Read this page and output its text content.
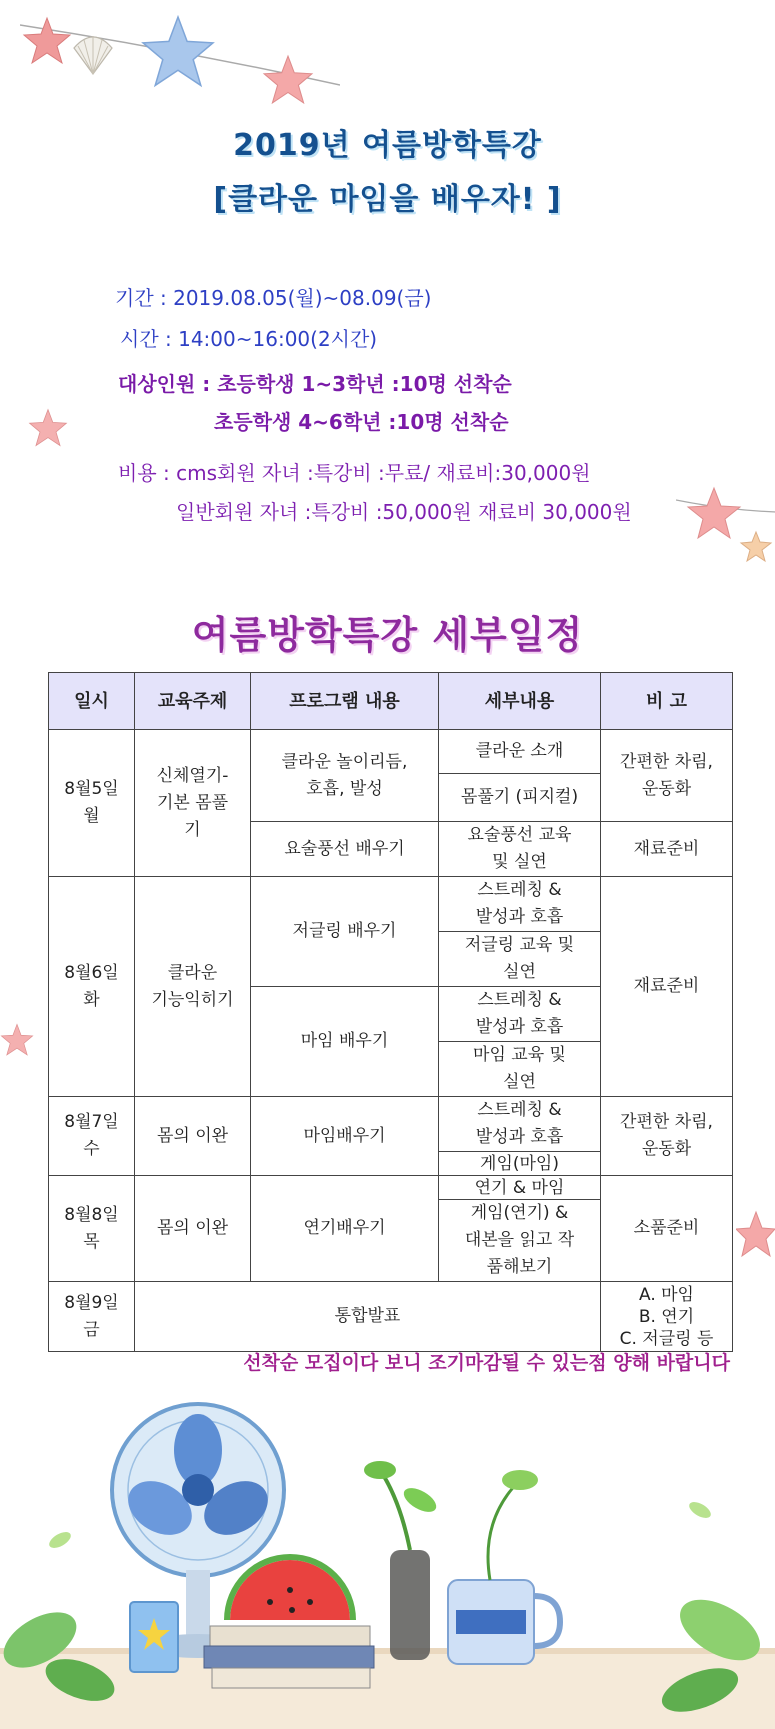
2019년 여름방학특강
[클라운 마임을 배우자! ]
기간 : 2019.08.05(월)~08.09(금)
시간 : 14:00~16:00(2시간)
대상인원 : 초등학생 1~3학년 :10명 선착순
초등학생 4~6학년 :10명 선착순
비용 : cms회원 자녀 :특강비 :무료/ 재료비:30,000원
일반회원 자녀 :특강비 :50,000원 재료비 30,000원
여름방학특강 세부일정
일시	교육주제	프로그램 내용	세부내용	비 고
8월5일
월	신체열기-
기본 몸풀
기	클라운 놀이리듬,
호흡, 발성	클라운 소개	간편한 차림,
운동화
			몸풀기 (피지컬)	
		요술풍선 배우기	요술풍선 교육
및 실연	재료준비
8월6일
화	클라운
기능익히기	저글링 배우기	스트레칭 &
발성과 호흡	재료준비
			저글링 교육 및
실연	
		마임 배우기	스트레칭 &
발성과 호흡	
			마임 교육 및
실연	
8월7일
수	몸의 이완	마임배우기	스트레칭 &
발성과 호흡	간편한 차림,
운동화
			게임(마임)	
8월8일
목	몸의 이완	연기배우기	연기 & 마임	소품준비
			게임(연기) &
대본을 읽고 작
품해보기	
8월9일
금	통합발표			A. 마임
B. 연기
C. 저글링 등
선착순 모집이다 보니 조기마감될 수 있는점 양해 바랍니다
